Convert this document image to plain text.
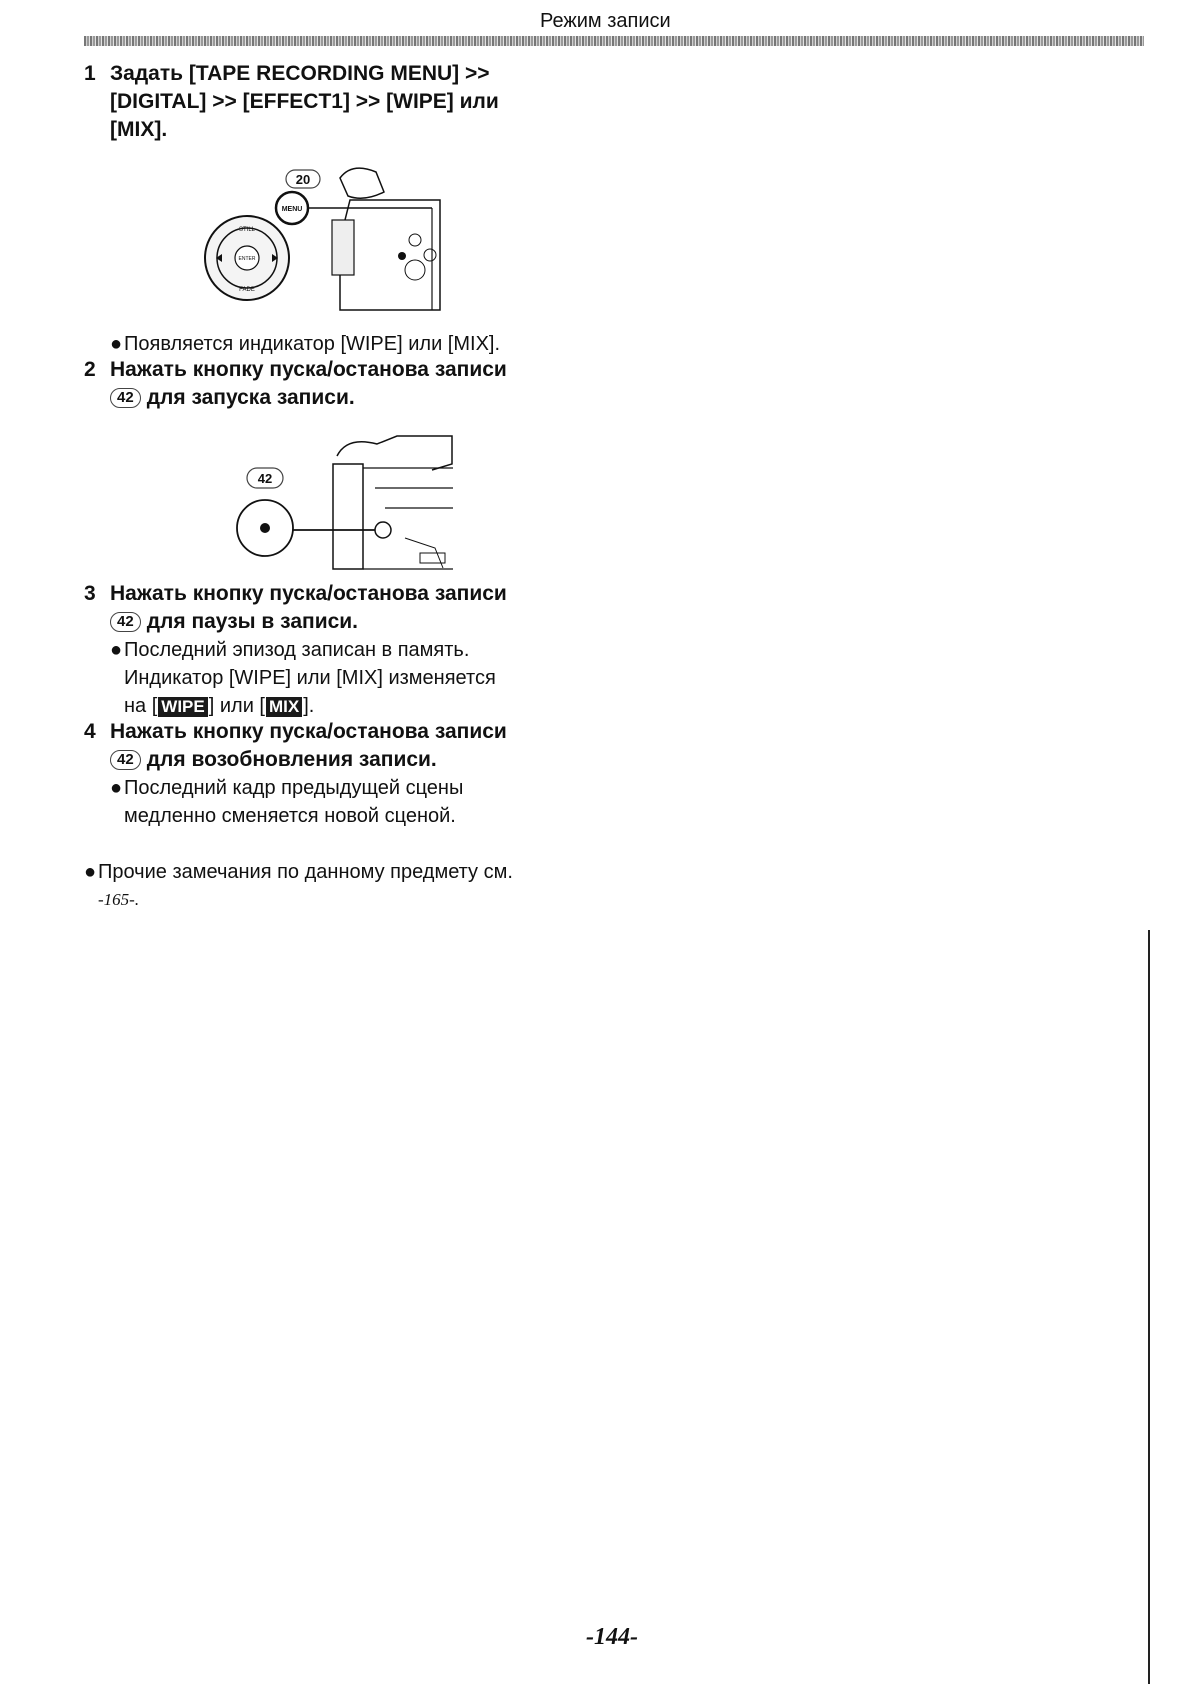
Режим записи
1 Задать [TAPE RECORDING MENU] >>
[DIGITAL] >> [EFFECT1] >> [WIPE] или
[MIX].
20
STILL
ENTER
FADE
MENU
●Появляется индикатор [WIPE] или [MIX].
2 Нажать кнопку пуска/останова записи
42 для запуска записи.
42
3 Нажать кнопку пуска/останова записи
42 для паузы в записи.
●Последний эпизод записан в память.
Индикатор [WIPE] или [MIX] изменяется
на [ WIPE ] или [ MIX ].
4 Нажать кнопку пуска/останова записи
42 для возобновления записи.
●Последний кадр предыдущей сцены
медленно сменяется новой сценой.
●Прочие замечания по данному предмету см.
-165-.
-144-
